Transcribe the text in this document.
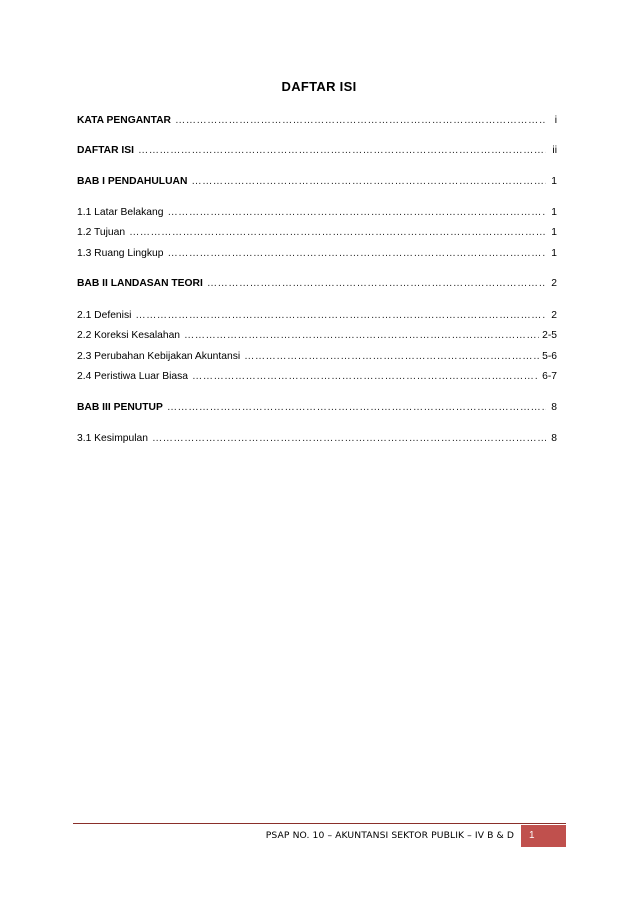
DAFTAR ISI
KATA PENGANTAR …………………………………………………………………………………………………………………………………………………………………	i
DAFTAR ISI …………………………………………………………………………………………………………………………………………………………………	ii
BAB I PENDAHULUAN …………………………………………………………………………………………………………………………………………………………………	1
1.1 Latar Belakang …………………………………………………………………………………………………………………………………………………………………	1
1.2 Tujuan …………………………………………………………………………………………………………………………………………………………………	1
1.3 Ruang Lingkup …………………………………………………………………………………………………………………………………………………………………	1
BAB II LANDASAN TEORI …………………………………………………………………………………………………………………………………………………………………	2
2.1 Defenisi …………………………………………………………………………………………………………………………………………………………………	2
2.2 Koreksi Kesalahan …………………………………………………………………………………………………………………………………………………………………	2-5
2.3 Perubahan Kebijakan Akuntansi …………………………………………………………………………………………………………………………………………………………………	5-6
2.4 Peristiwa Luar Biasa …………………………………………………………………………………………………………………………………………………………………	6-7
BAB III PENUTUP …………………………………………………………………………………………………………………………………………………………………	8
3.1 Kesimpulan …………………………………………………………………………………………………………………………………………………………………	8
PSAP NO. 10 – AKUNTANSI SEKTOR PUBLIK – IV B & D	1
